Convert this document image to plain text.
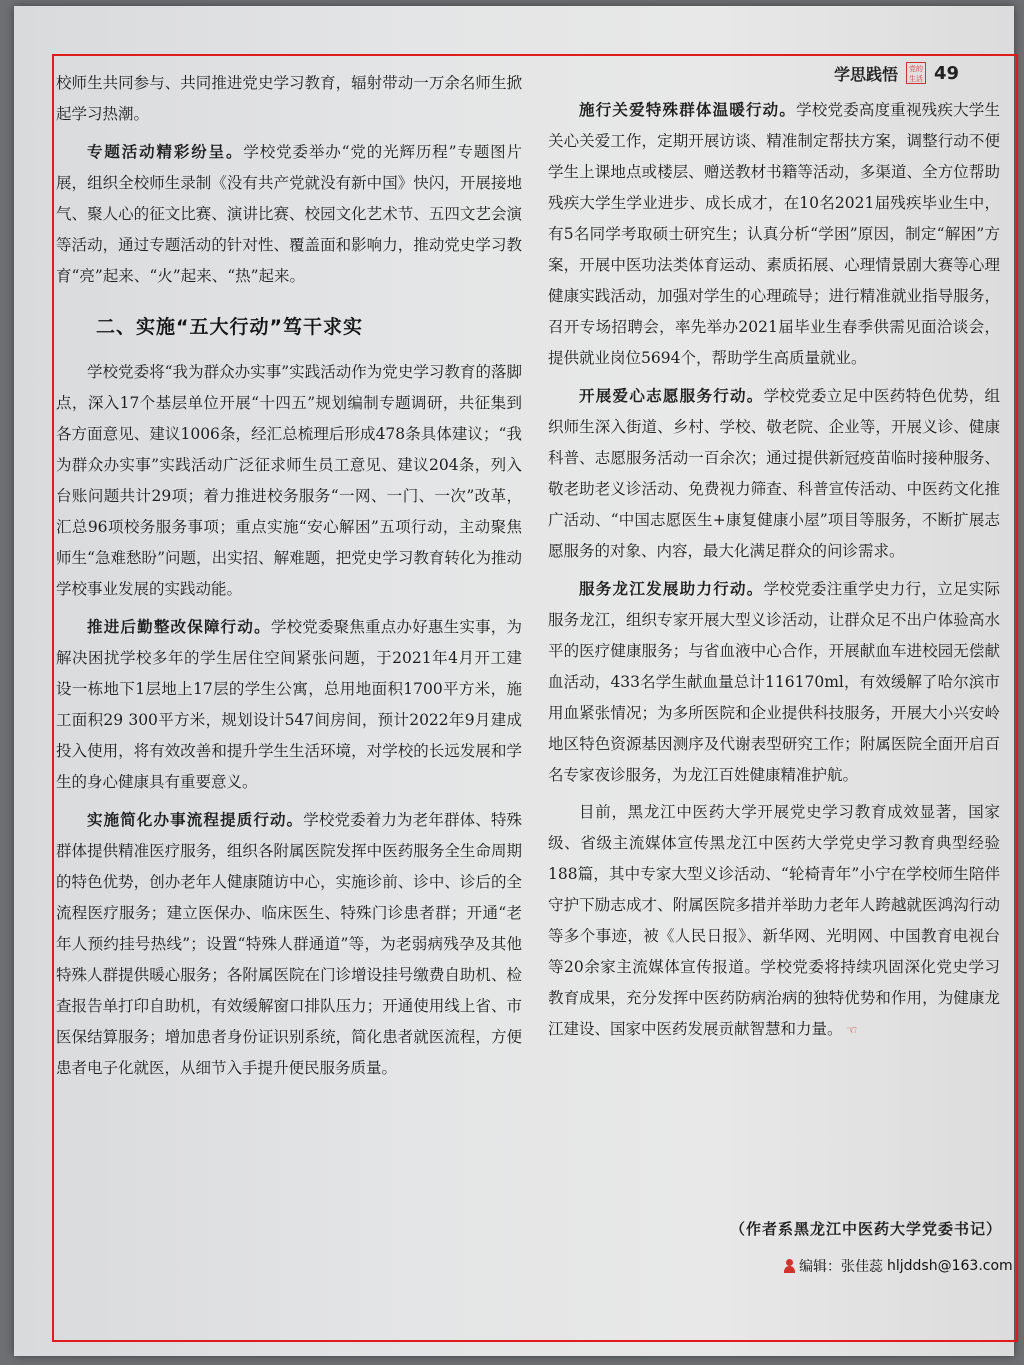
学思践悟	党的生活 49

校师生共同参与、共同推进党史学习教育，辐射带动一万余名师生掀起学习热潮。

专题活动精彩纷呈。学校党委举办“党的光辉历程”专题图片展，组织全校师生录制《没有共产党就没有新中国》快闪，开展接地气、聚人心的征文比赛、演讲比赛、校园文化艺术节、五四文艺会演等活动，通过专题活动的针对性、覆盖面和影响力，推动党史学习教育“亮”起来、“火”起来、“热”起来。

二、实施“五大行动”笃干求实

学校党委将“我为群众办实事”实践活动作为党史学习教育的落脚点，深入17个基层单位开展“十四五”规划编制专题调研，共征集到各方面意见、建议1006条，经汇总梳理后形成478条具体建议；“我为群众办实事”实践活动广泛征求师生员工意见、建议204条，列入台账问题共计29项；着力推进校务服务“一网、一门、一次”改革，汇总96项校务服务事项；重点实施“安心解困”五项行动，主动聚焦师生“急难愁盼”问题，出实招、解难题，把党史学习教育转化为推动学校事业发展的实践动能。

推进后勤整改保障行动。学校党委聚焦重点办好惠生实事，为解决困扰学校多年的学生居住空间紧张问题，于2021年4月开工建设一栋地下1层地上17层的学生公寓，总用地面积1700平方米，施工面积29 300平方米，规划设计547间房间，预计2022年9月建成投入使用，将有效改善和提升学生生活环境，对学校的长远发展和学生的身心健康具有重要意义。

实施简化办事流程提质行动。学校党委着力为老年群体、特殊群体提供精准医疗服务，组织各附属医院发挥中医药服务全生命周期的特色优势，创办老年人健康随访中心，实施诊前、诊中、诊后的全流程医疗服务；建立医保办、临床医生、特殊门诊患者群；开通“老年人预约挂号热线”；设置“特殊人群通道”等，为老弱病残孕及其他特殊人群提供暖心服务；各附属医院在门诊增设挂号缴费自助机、检查报告单打印自助机，有效缓解窗口排队压力；开通使用线上省、市医保结算服务；增加患者身份证识别系统，简化患者就医流程，方便患者电子化就医，从细节入手提升便民服务质量。

施行关爱特殊群体温暖行动。学校党委高度重视残疾大学生关心关爱工作，定期开展访谈、精准制定帮扶方案，调整行动不便学生上课地点或楼层、赠送教材书籍等活动，多渠道、全方位帮助残疾大学生学业进步、成长成才，在10名2021届残疾毕业生中，有5名同学考取硕士研究生；认真分析“学困”原因，制定“解困”方案，开展中医功法类体育运动、素质拓展、心理情景剧大赛等心理健康实践活动，加强对学生的心理疏导；进行精准就业指导服务，召开专场招聘会，率先举办2021届毕业生春季供需见面洽谈会，提供就业岗位5694个，帮助学生高质量就业。

开展爱心志愿服务行动。学校党委立足中医药特色优势，组织师生深入街道、乡村、学校、敬老院、企业等，开展义诊、健康科普、志愿服务活动一百余次；通过提供新冠疫苗临时接种服务、敬老助老义诊活动、免费视力筛查、科普宣传活动、中医药文化推广活动、“中国志愿医生+康复健康小屋”项目等服务，不断扩展志愿服务的对象、内容，最大化满足群众的问诊需求。

服务龙江发展助力行动。学校党委注重学史力行，立足实际服务龙江，组织专家开展大型义诊活动，让群众足不出户体验高水平的医疗健康服务；与省血液中心合作，开展献血车进校园无偿献血活动，433名学生献血量总计116170ml，有效缓解了哈尔滨市用血紧张情况；为多所医院和企业提供科技服务，开展大小兴安岭地区特色资源基因测序及代谢表型研究工作；附属医院全面开启百名专家夜诊服务，为龙江百姓健康精准护航。

目前，黑龙江中医药大学开展党史学习教育成效显著，国家级、省级主流媒体宣传黑龙江中医药大学党史学习教育典型经验188篇，其中专家大型义诊活动、“轮椅青年”小宁在学校师生陪伴守护下励志成才、附属医院多措并举助力老年人跨越就医鸿沟行动等多个事迹，被《人民日报》、新华网、光明网、中国教育电视台等20余家主流媒体宣传报道。学校党委将持续巩固深化党史学习教育成果，充分发挥中医药防病治病的独特优势和作用，为健康龙江建设、国家中医药发展贡献智慧和力量。 ☜

（作者系黑龙江中医药大学党委书记）
编辑：张佳蕊 hljddsh@163.com
